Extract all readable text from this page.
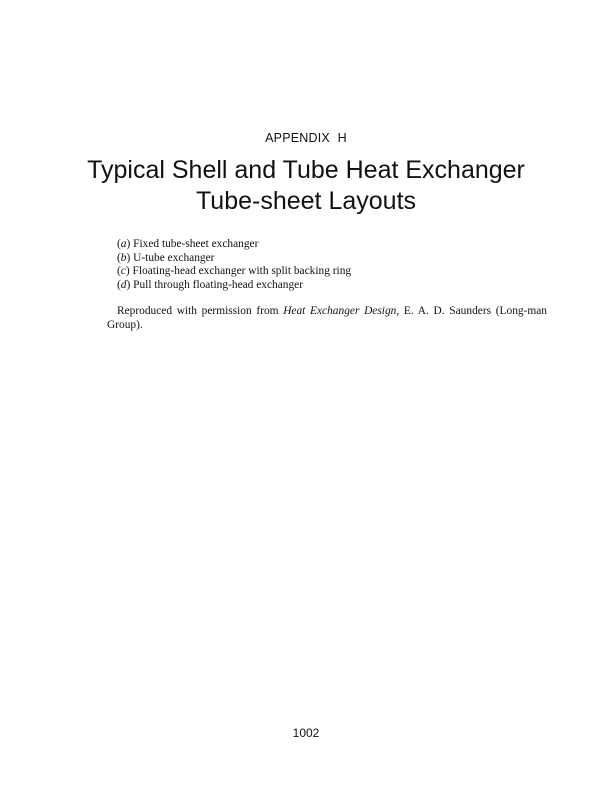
APPENDIX H
Typical Shell and Tube Heat Exchanger
Tube-sheet Layouts
(a) Fixed tube-sheet exchanger
(b) U-tube exchanger
(c) Floating-head exchanger with split backing ring
(d) Pull through floating-head exchanger

Reproduced with permission from Heat Exchanger Design, E. A. D. Saunders (Long-man Group).

1002
